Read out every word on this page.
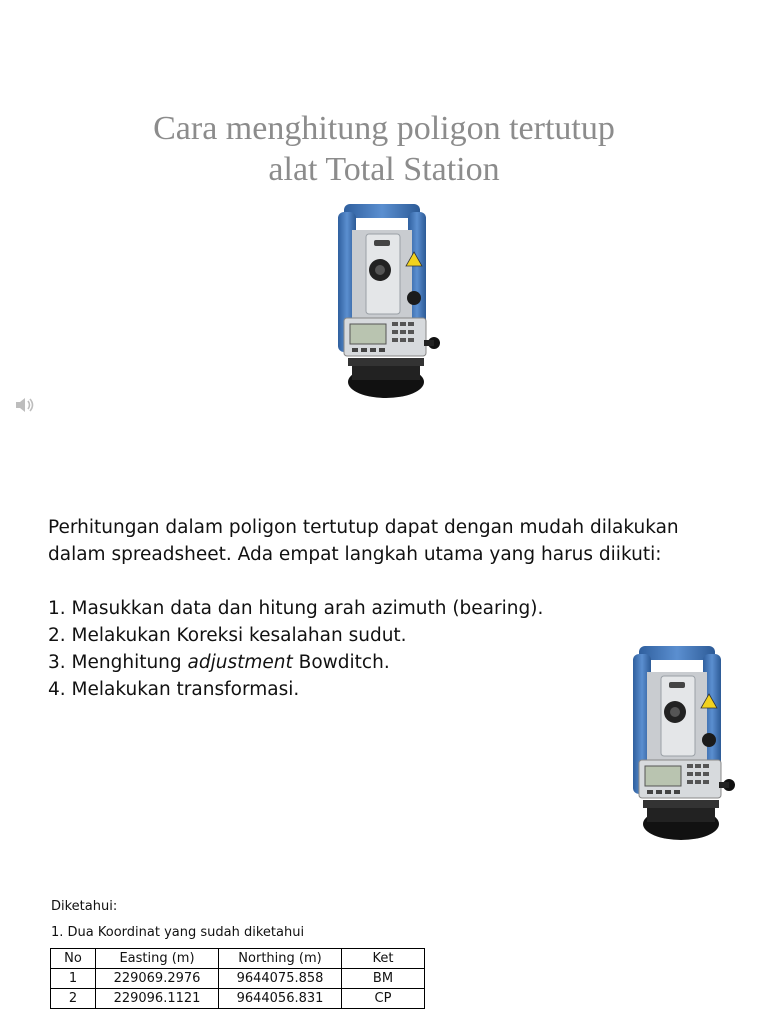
Cara menghitung poligon tertutup
alat Total Station
Perhitungan dalam poligon tertutup dapat dengan mudah dilakukan
dalam spreadsheet. Ada empat langkah utama yang harus diikuti:
1. Masukkan data dan hitung arah azimuth (bearing).
2. Melakukan Koreksi kesalahan sudut.
3. Menghitung adjustment Bowditch.
4. Melakukan transformasi.
Diketahui:
1. Dua Koordinat yang sudah diketahui
No	Easting (m)	Northing (m)	Ket
1	229069.2976	9644075.858	BM
2	229096.1121	9644056.831	CP
